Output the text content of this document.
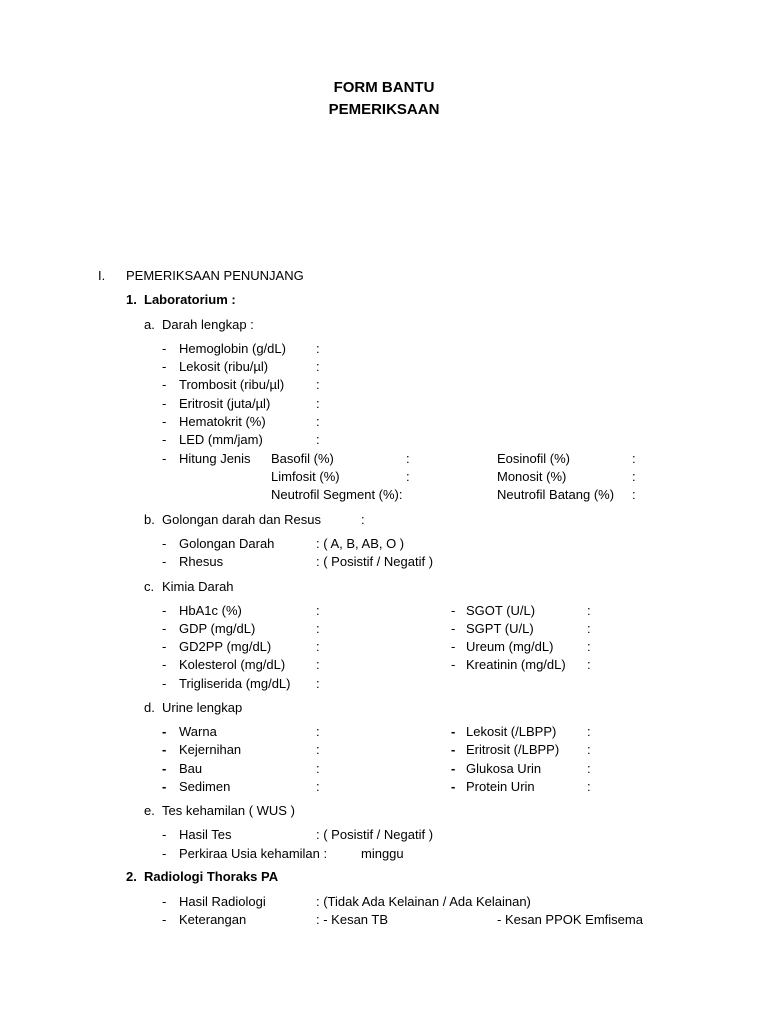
FORM BANTU
PEMERIKSAAN
I. PEMERIKSAAN PENUNJANG
1. Laboratorium :
a. Darah lengkap :
- Hemoglobin (g/dL) :
- Lekosit (ribu/µl)	:
- Trombosit (ribu/µl) :
- Eritrosit (juta/µl)	:
- Hematokrit (%)	:
- LED (mm/jam)	:
- Hitung Jenis Basofil (%)	:	Eosinofil (%)	:
Limfosit (%)	:	Monosit (%)	:
Neutrofil Segment (%):	Neutrofil Batang (%) :
b. Golongan darah dan Resus	:
- Golongan Darah	: ( A, B, AB, O )
- Rhesus	: ( Posistif / Negatif )
c. Kimia Darah
- HbA1c (%)	:	- SGOT (U/L)	:
- GDP (mg/dL)	:	- SGPT (U/L)	:
- GD2PP (mg/dL)	:	- Ureum (mg/dL)	:
- Kolesterol (mg/dL) :	- Kreatinin (mg/dL) :
- Trigliserida (mg/dL) :
d. Urine lengkap
- Warna	:	- Lekosit (/LBPP) :
- Kejernihan	:	- Eritrosit (/LBPP) :
- Bau	:	- Glukosa Urin	:
- Sedimen	:	- Protein Urin	:
e. Tes kehamilan ( WUS )
- Hasil Tes	: ( Posistif / Negatif )
- Perkiraa Usia kehamilan :	minggu
2. Radiologi Thoraks PA
- Hasil Radiologi	: (Tidak Ada Kelainan / Ada Kelainan)
- Keterangan	: - Kesan TB	- Kesan PPOK Emfisema
